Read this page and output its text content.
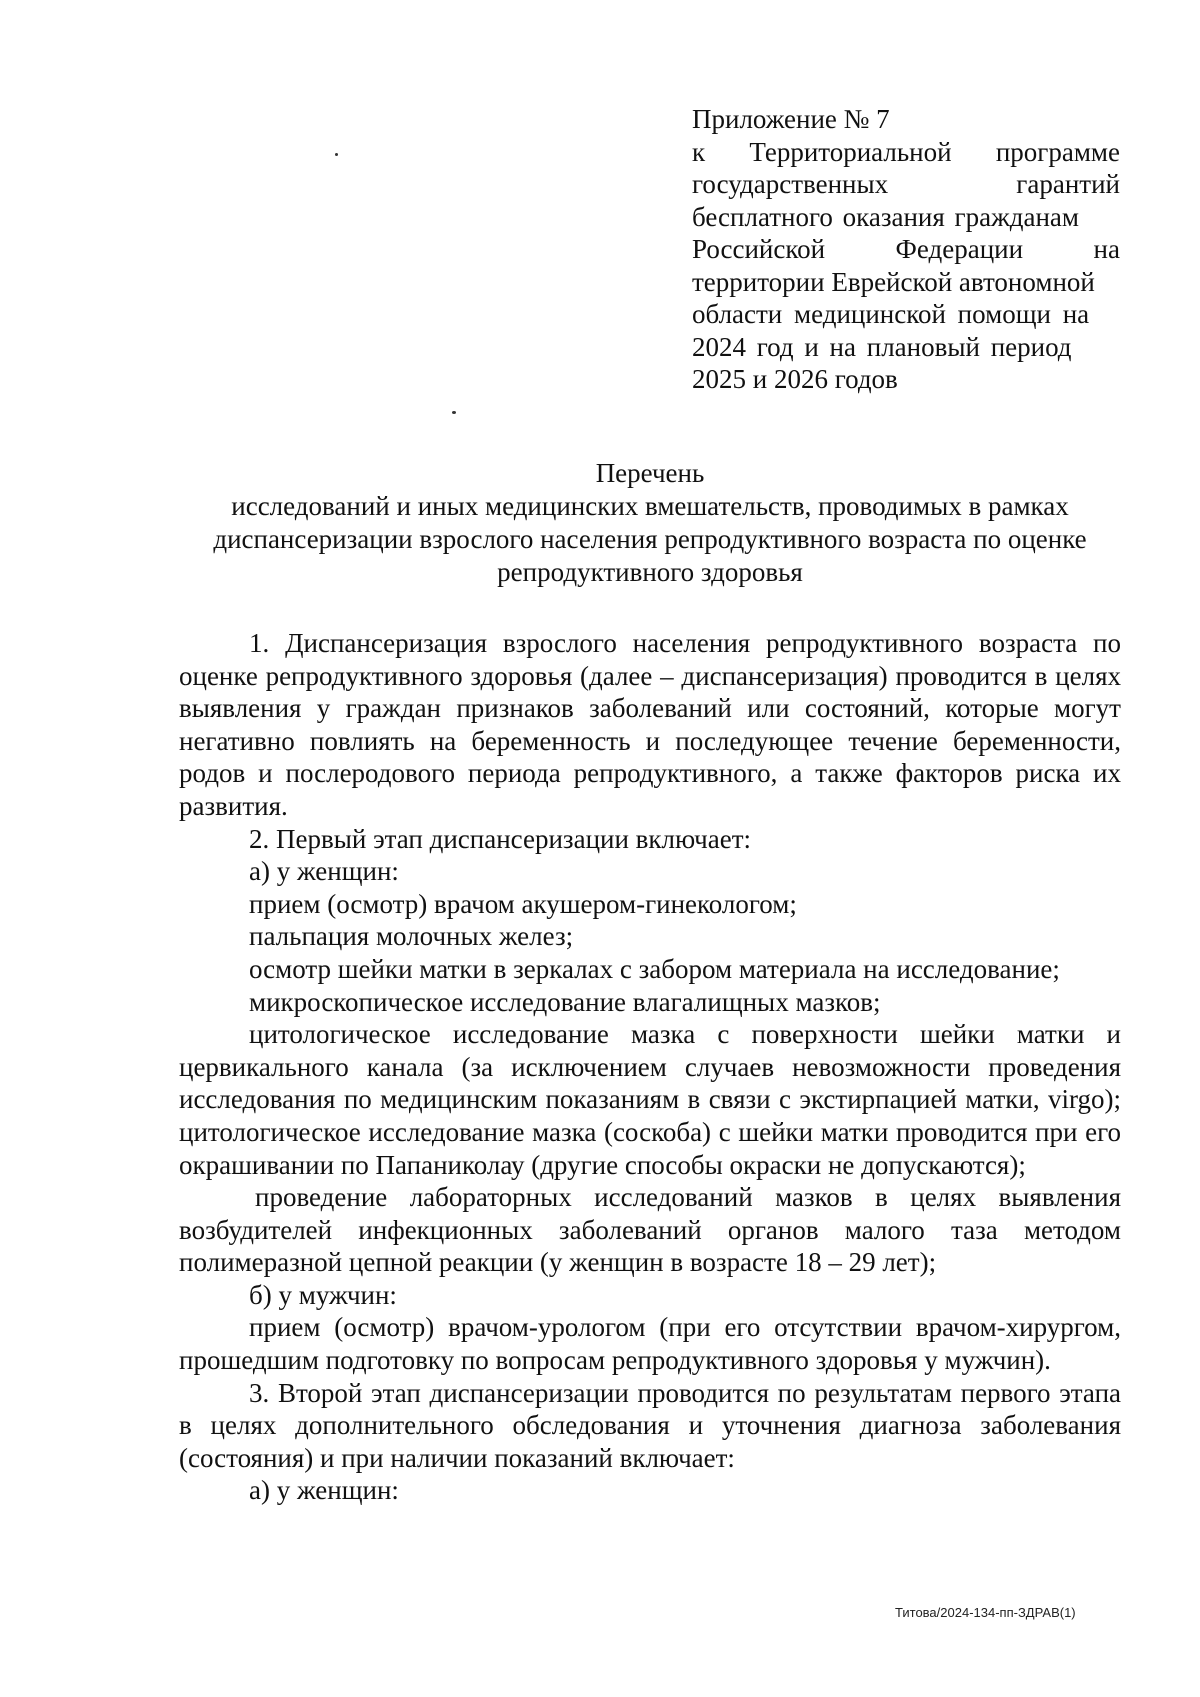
Приложение № 7
к Территориальной программе
государственных	гарантий
бесплатного оказания гражданам
Российской	Федерации	на
территории Еврейской автономной
области медицинской помощи на
2024 год и на плановый период
2025 и 2026 годов
Перечень
исследований и иных медицинских вмешательств, проводимых в рамках
диспансеризации взрослого населения репродуктивного возраста по оценке
репродуктивного здоровья

1. Диспансеризация взрослого населения репродуктивного возраста по оценке репродуктивного здоровья (далее – диспансеризация) проводится в целях выявления у граждан признаков заболеваний или состояний, которые могут негативно повлиять на беременность и последующее течение беременности, родов и послеродового периода репродуктивного, а также факторов риска их развития.

2. Первый этап диспансеризации включает:

а) у женщин:

прием (осмотр) врачом акушером-гинекологом;

пальпация молочных желез;

осмотр шейки матки в зеркалах с забором материала на исследование;

микроскопическое исследование влагалищных мазков;

цитологическое исследование мазка с поверхности шейки матки и цервикального канала (за исключением случаев невозможности проведения исследования по медицинским показаниям в связи с экстирпацией матки, virgo); цитологическое исследование мазка (соскоба) с шейки матки проводится при его окрашивании по Папаниколау (другие способы окраски не допускаются);

проведение лабораторных исследований мазков в целях выявления возбудителей инфекционных заболеваний органов малого таза методом полимеразной цепной реакции (у женщин в возрасте 18 – 29 лет);

б) у мужчин:

прием (осмотр) врачом-урологом (при его отсутствии врачом-хирургом, прошедшим подготовку по вопросам репродуктивного здоровья у мужчин).

3. Второй этап диспансеризации проводится по результатам первого этапа в целях дополнительного обследования и уточнения диагноза заболевания (состояния) и при наличии показаний включает:

а) у женщин:

Титова/2024-134-пп-ЗДРАВ(1)
